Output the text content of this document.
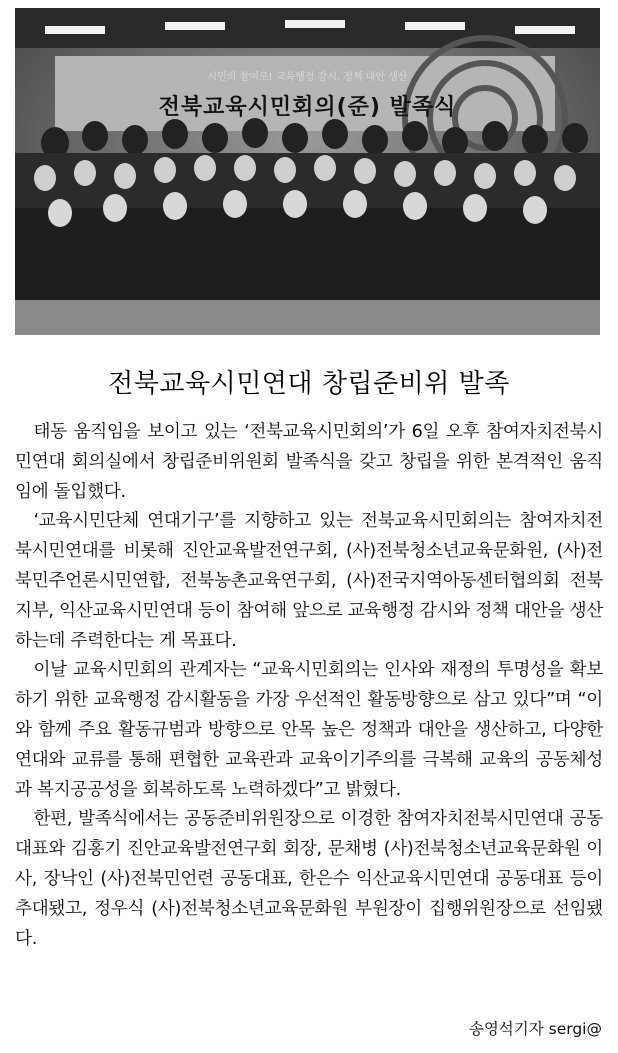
시민의 참여로! 교육행정 감시, 정책 대안 생산
전북교육시민회의(준) 발족식
전북교육시민연대 창립준비위 발족

태동 움직임을 보이고 있는 ‘전북교육시민회의’가 6일 오후 참여자치전북시민연대 회의실에서 창립준비위원회 발족식을 갖고 창립을 위한 본격적인 움직임에 돌입했다.

‘교육시민단체 연대기구’를 지향하고 있는 전북교육시민회의는 참여자치전북시민연대를 비롯해 진안교육발전연구회, (사)전북청소년교육문화원, (사)전북민주언론시민연합, 전북농촌교육연구회, (사)전국지역아동센터협의회 전북지부, 익산교육시민연대 등이 참여해 앞으로 교육행정 감시와 정책 대안을 생산하는데 주력한다는 게 목표다.

이날 교육시민회의 관계자는 “교육시민회의는 인사와 재정의 투명성을 확보하기 위한 교육행정 감시활동을 가장 우선적인 활동방향으로 삼고 있다”며 “이와 함께 주요 활동규범과 방향으로 안목 높은 정책과 대안을 생산하고, 다양한 연대와 교류를 통해 편협한 교육관과 교육이기주의를 극복해 교육의 공동체성과 복지공공성을 회복하도록 노력하겠다”고 밝혔다.

한편, 발족식에서는 공동준비위원장으로 이경한 참여자치전북시민연대 공동대표와 김홍기 진안교육발전연구회 회장, 문채병 (사)전북청소년교육문화원 이사, 장낙인 (사)전북민언련 공동대표, 한은수 익산교육시민연대 공동대표 등이 추대됐고, 정우식 (사)전북청소년교육문화원 부원장이 집행위원장으로 선임됐다.

송영석기자 sergi@
